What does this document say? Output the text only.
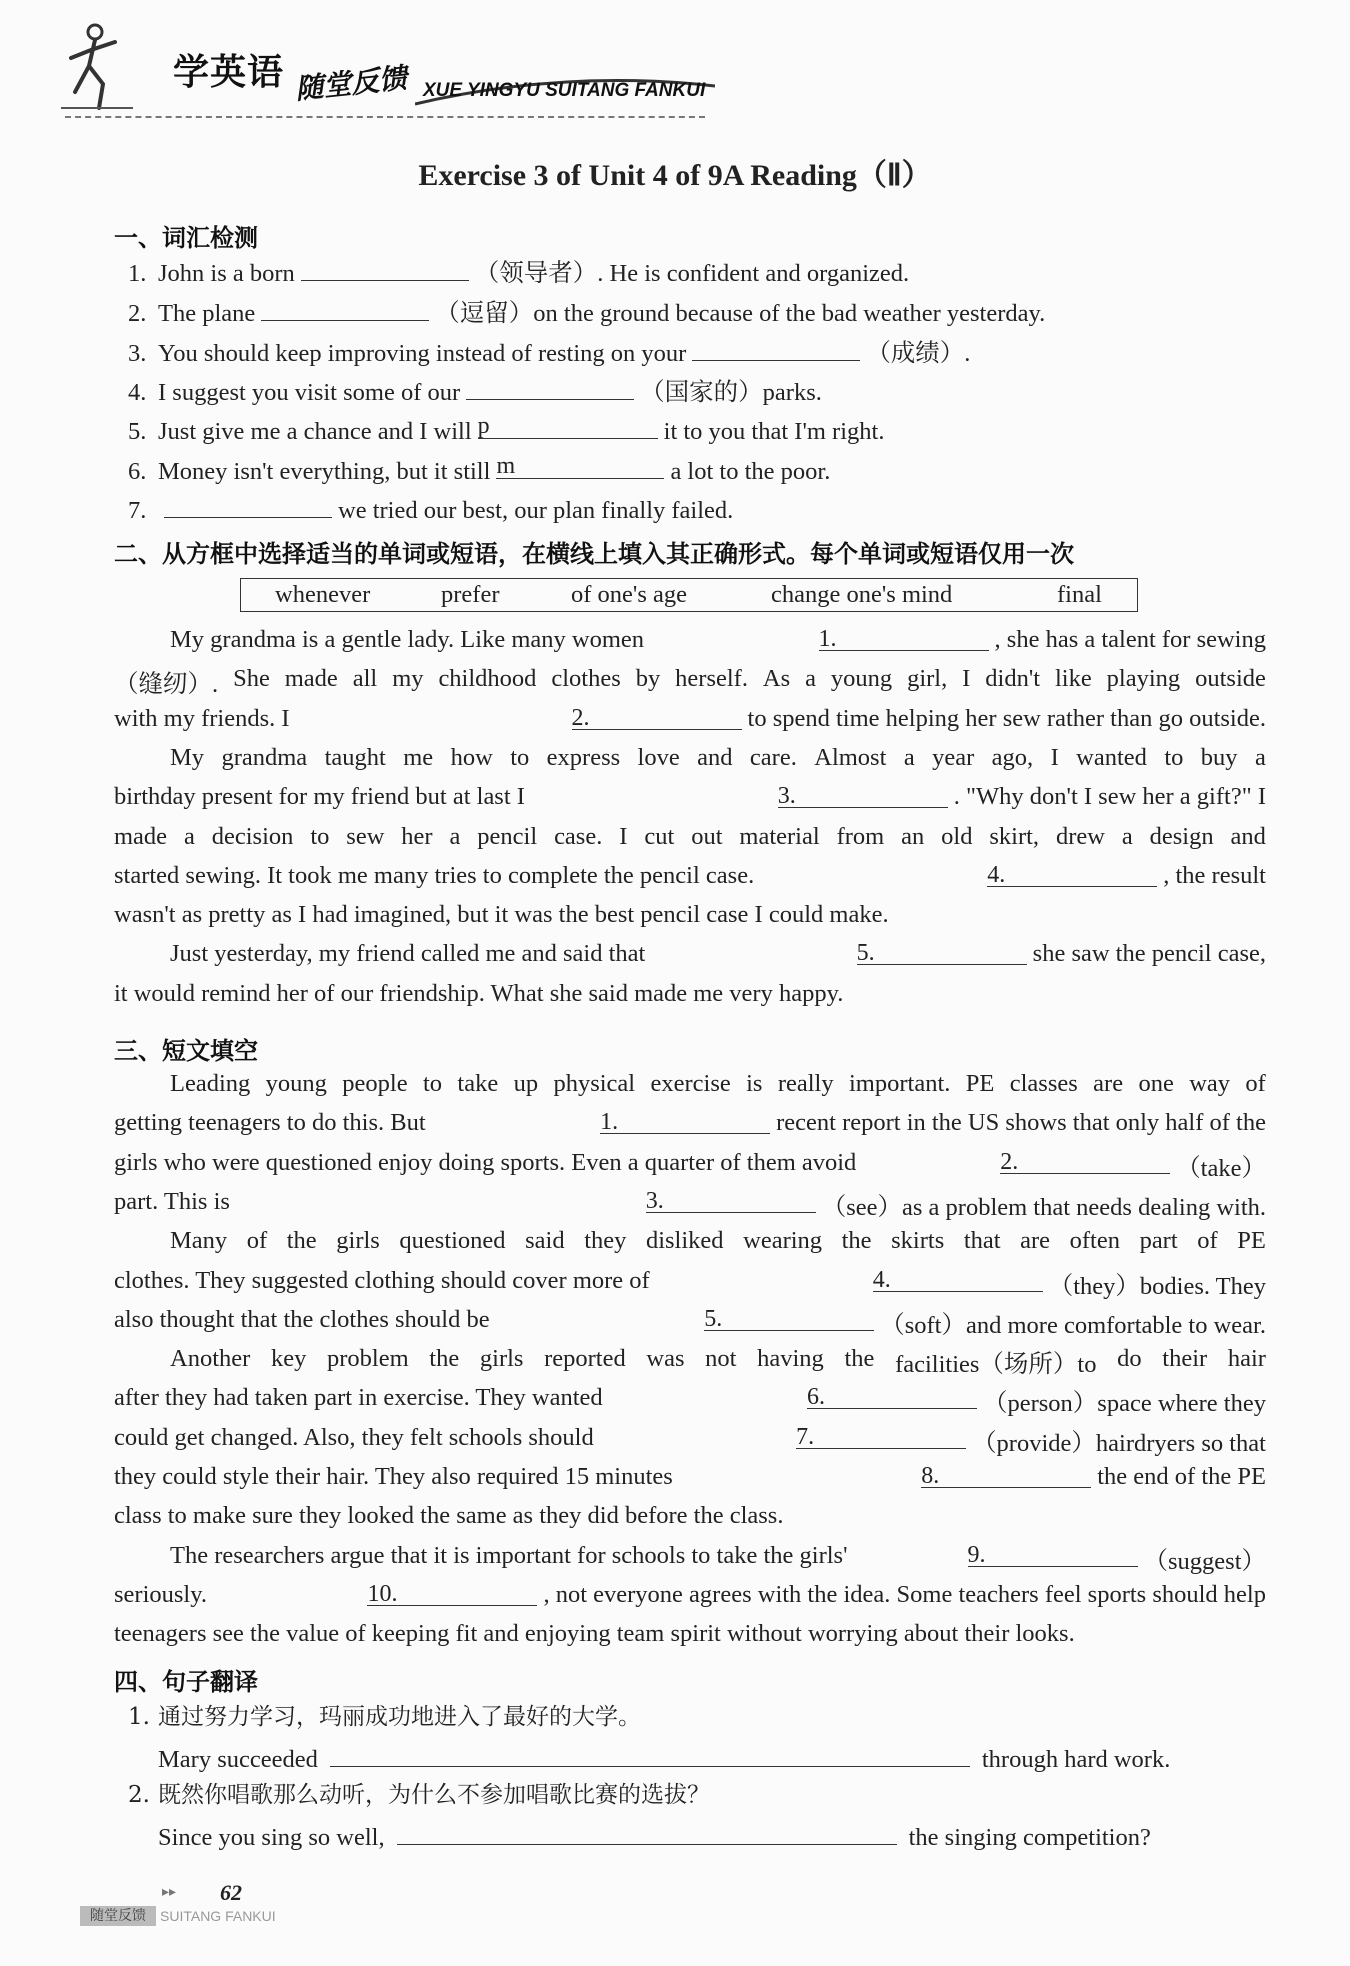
学英语 随堂反馈 XUE YINGYU SUITANG FANKUI
Exercise 3 of Unit 4 of 9A Reading（Ⅱ）
一、词汇检测
1. John is a born	（领导者）. He is confident and organized.
2. The plane	（逗留）on the ground because of the bad weather yesterday.
3. You should keep improving instead of resting on your	（成绩）.
4. I suggest you visit some of our	（国家的）parks.
5. Just give me a chance and I will p	it to you that I'm right.
6. Money isn't everything, but it still m	a lot to the poor.
7.	we tried our best, our plan finally failed.
二、从方框中选择适当的单词或短语，在横线上填入其正确形式。每个单词或短语仅用一次
whenever	prefer	of one's age	change one's mind	final
My grandma is a gentle lady. Like many women	1.	, she has a talent for sewing
（缝纫）. She made all my childhood clothes by herself. As a young girl, I didn't like playing outside
with my friends. I	2.	to spend time helping her sew rather than go outside.
My grandma taught me how to express love and care. Almost a year ago, I wanted to buy a
birthday present for my friend but at last I	3.	. "Why don't I sew her a gift?" I
made a decision to sew her a pencil case. I cut out material from an old skirt, drew a design and
started sewing. It took me many tries to complete the pencil case.	4.	, the result
wasn't as pretty as I had imagined, but it was the best pencil case I could make.
Just yesterday, my friend called me and said that	5.	she saw the pencil case,
it would remind her of our friendship. What she said made me very happy.
三、短文填空
Leading young people to take up physical exercise is really important. PE classes are one way of
getting teenagers to do this. But	1.	recent report in the US shows that only half of the
girls who were questioned enjoy doing sports. Even a quarter of them avoid	2.	（take）
part. This is	3.	（see）as a problem that needs dealing with.
Many of the girls questioned said they disliked wearing the skirts that are often part of PE
clothes. They suggested clothing should cover more of	4.	（they）bodies. They
also thought that the clothes should be	5.	（soft）and more comfortable to wear.
Another key problem the girls reported was not having the facilities（场所）to do their hair
after they had taken part in exercise. They wanted	6.	（person）space where they
could get changed. Also, they felt schools should	7.	（provide）hairdryers so that
they could style their hair. They also required 15 minutes	8.	the end of the PE
class to make sure they looked the same as they did before the class.
The researchers argue that it is important for schools to take the girls'	9.	（suggest）
seriously.	10.	, not everyone agrees with the idea. Some teachers feel sports should help
teenagers see the value of keeping fit and enjoying team spirit without worrying about their looks.
四、句子翻译
1. 通过努力学习，玛丽成功地进入了最好的大学。
Mary succeeded	through hard work.
2. 既然你唱歌那么动听，为什么不参加唱歌比赛的选拔？
Since you sing so well,	the singing competition?
▸▸ 62
随堂反馈	SUITANG FANKUI
